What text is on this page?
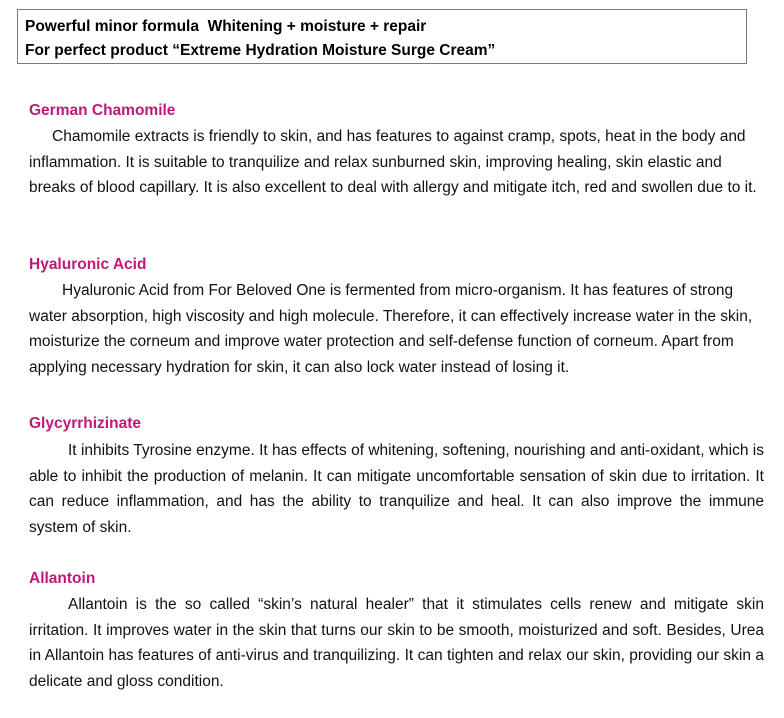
Powerful minor formula  Whitening + moisture + repair
For perfect product “Extreme Hydration Moisture Surge Cream”
German Chamomile

Chamomile extracts is friendly to skin, and has features to against cramp, spots, heat in the body and inflammation. It is suitable to tranquilize and relax sunburned skin, improving healing, skin elastic and breaks of blood capillary. It is also excellent to deal with allergy and mitigate itch, red and swollen due to it.

Hyaluronic Acid

Hyaluronic Acid from For Beloved One is fermented from micro-organism. It has features of strong water absorption, high viscosity and high molecule. Therefore, it can effectively increase water in the skin, moisturize the corneum and improve water protection and self-defense function of corneum. Apart from applying necessary hydration for skin, it can also lock water instead of losing it.

Glycyrrhizinate

It inhibits Tyrosine enzyme. It has effects of whitening, softening, nourishing and anti-oxidant, which is able to inhibit the production of melanin. It can mitigate uncomfortable sensation of skin due to irritation. It can reduce inflammation, and has the ability to tranquilize and heal. It can also improve the immune system of skin.

Allantoin

Allantoin is the so called “skin’s natural healer” that it stimulates cells renew and mitigate skin irritation. It improves water in the skin that turns our skin to be smooth, moisturized and soft. Besides, Urea in Allantoin has features of anti-virus and tranquilizing. It can tighten and relax our skin, providing our skin a delicate and gloss condition.
